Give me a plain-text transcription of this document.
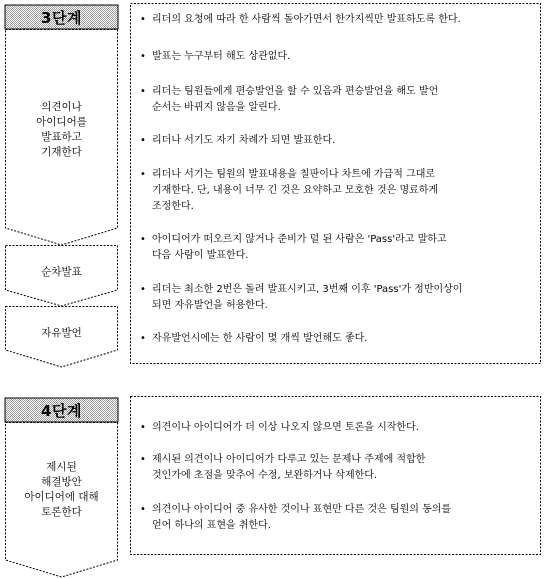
3단계
의견이나
아이디어를
발표하고
기재한다
순차발표
자유발언
• 리더의 요청에 따라 한 사람씩 돌아가면서 한가지씩만 발표하도록 한다.
• 발표는 누구부터 해도 상관없다.
• 리더는 팀원들에게 편승발언을 할 수 있음과 편승발언을 해도 발언
순서는 바뀌지 않음을 알린다.
• 리더나 서기도 자기 차례가 되면 발표한다.
• 리더나 서기는 팀원의 발표내용을 칠판이나 차트에 가급적 그대로
기재한다. 단, 내용이 너무 긴 것은 요약하고 모호한 것은 명료하게
조정한다.
• 아이디어가 떠오르지 않거나 준비가 덜 된 사람은 'Pass'라고 말하고
다음 사람이 발표한다.
• 리더는 최소한 2번은 돌려 발표시키고, 3번째 이후 'Pass'가 정반이상이
되면 자유발언을 허용한다.
• 자유발언시에는 한 사람이 몇 개씩 발언해도 좋다.
4단계
제시된
해결방안
아이디어에 대해
토론한다
• 의견이나 아이디어가 더 이상 나오지 않으면 토론을 시작한다.
• 제시된 의견이나 아이디어가 다루고 있는 문제나 주제에 적합한
것인가에 초점을 맞추어 수정, 보완하거나 삭제한다.
• 의견이나 아이디어 중 유사한 것이나 표현만 다른 것은 팀원의 동의를
얻어 하나의 표현을 취한다.
